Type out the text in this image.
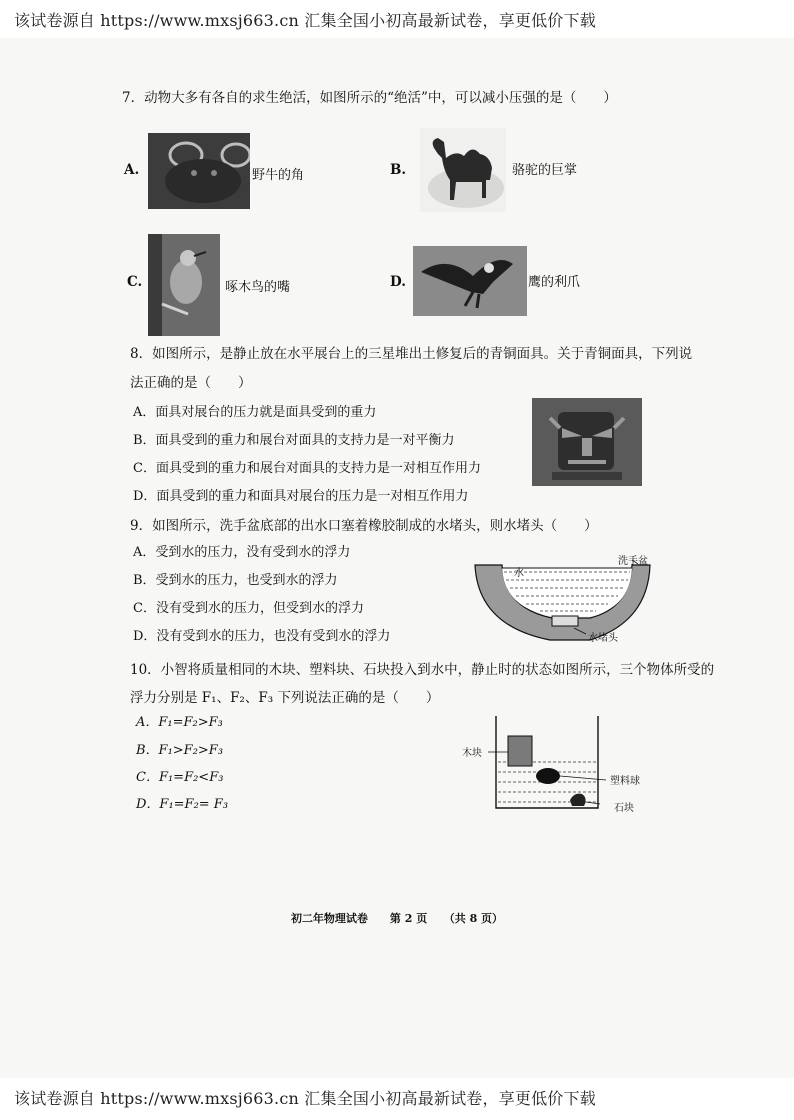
该试卷源自 https://www.mxsj663.cn 汇集全国小初高最新试卷，享更低价下载
7．动物大多有各自的求生绝活，如图所示的“绝活”中，可以减小压强的是（　　）
A.	野牛的角	B.	骆驼的巨掌
C.	啄木鸟的嘴	D.	鹰的利爪
8．如图所示，是静止放在水平展台上的三星堆出土修复后的青铜面具。关于青铜面具，下列说
法正确的是（　　）
A．面具对展台的压力就是面具受到的重力
B．面具受到的重力和展台对面具的支持力是一对平衡力
C．面具受到的重力和展台对面具的支持力是一对相互作用力
D．面具受到的重力和面具对展台的压力是一对相互作用力
9．如图所示，洗手盆底部的出水口塞着橡胶制成的水堵头，则水堵头（　　）
A．受到水的压力，没有受到水的浮力
B．受到水的压力，也受到水的浮力
C．没有受到水的压力，但受到水的浮力
D．没有受到水的压力，也没有受到水的浮力
洗手盆
水
水堵头
10．小智将质量相同的木块、塑料块、石块投入到水中，静止时的状态如图所示，三个物体所受的
浮力分别是 F₁、F₂、F₃ 下列说法正确的是（　　）
A．F₁=F₂>F₃
B．F₁>F₂>F₃
C．F₁=F₂<F₃
D．F₁=F₂= F₃
木块
塑料球
石块
初二年物理试卷　　第 2 页　　（共 8 页）
该试卷源自 https://www.mxsj663.cn 汇集全国小初高最新试卷，享更低价下载
